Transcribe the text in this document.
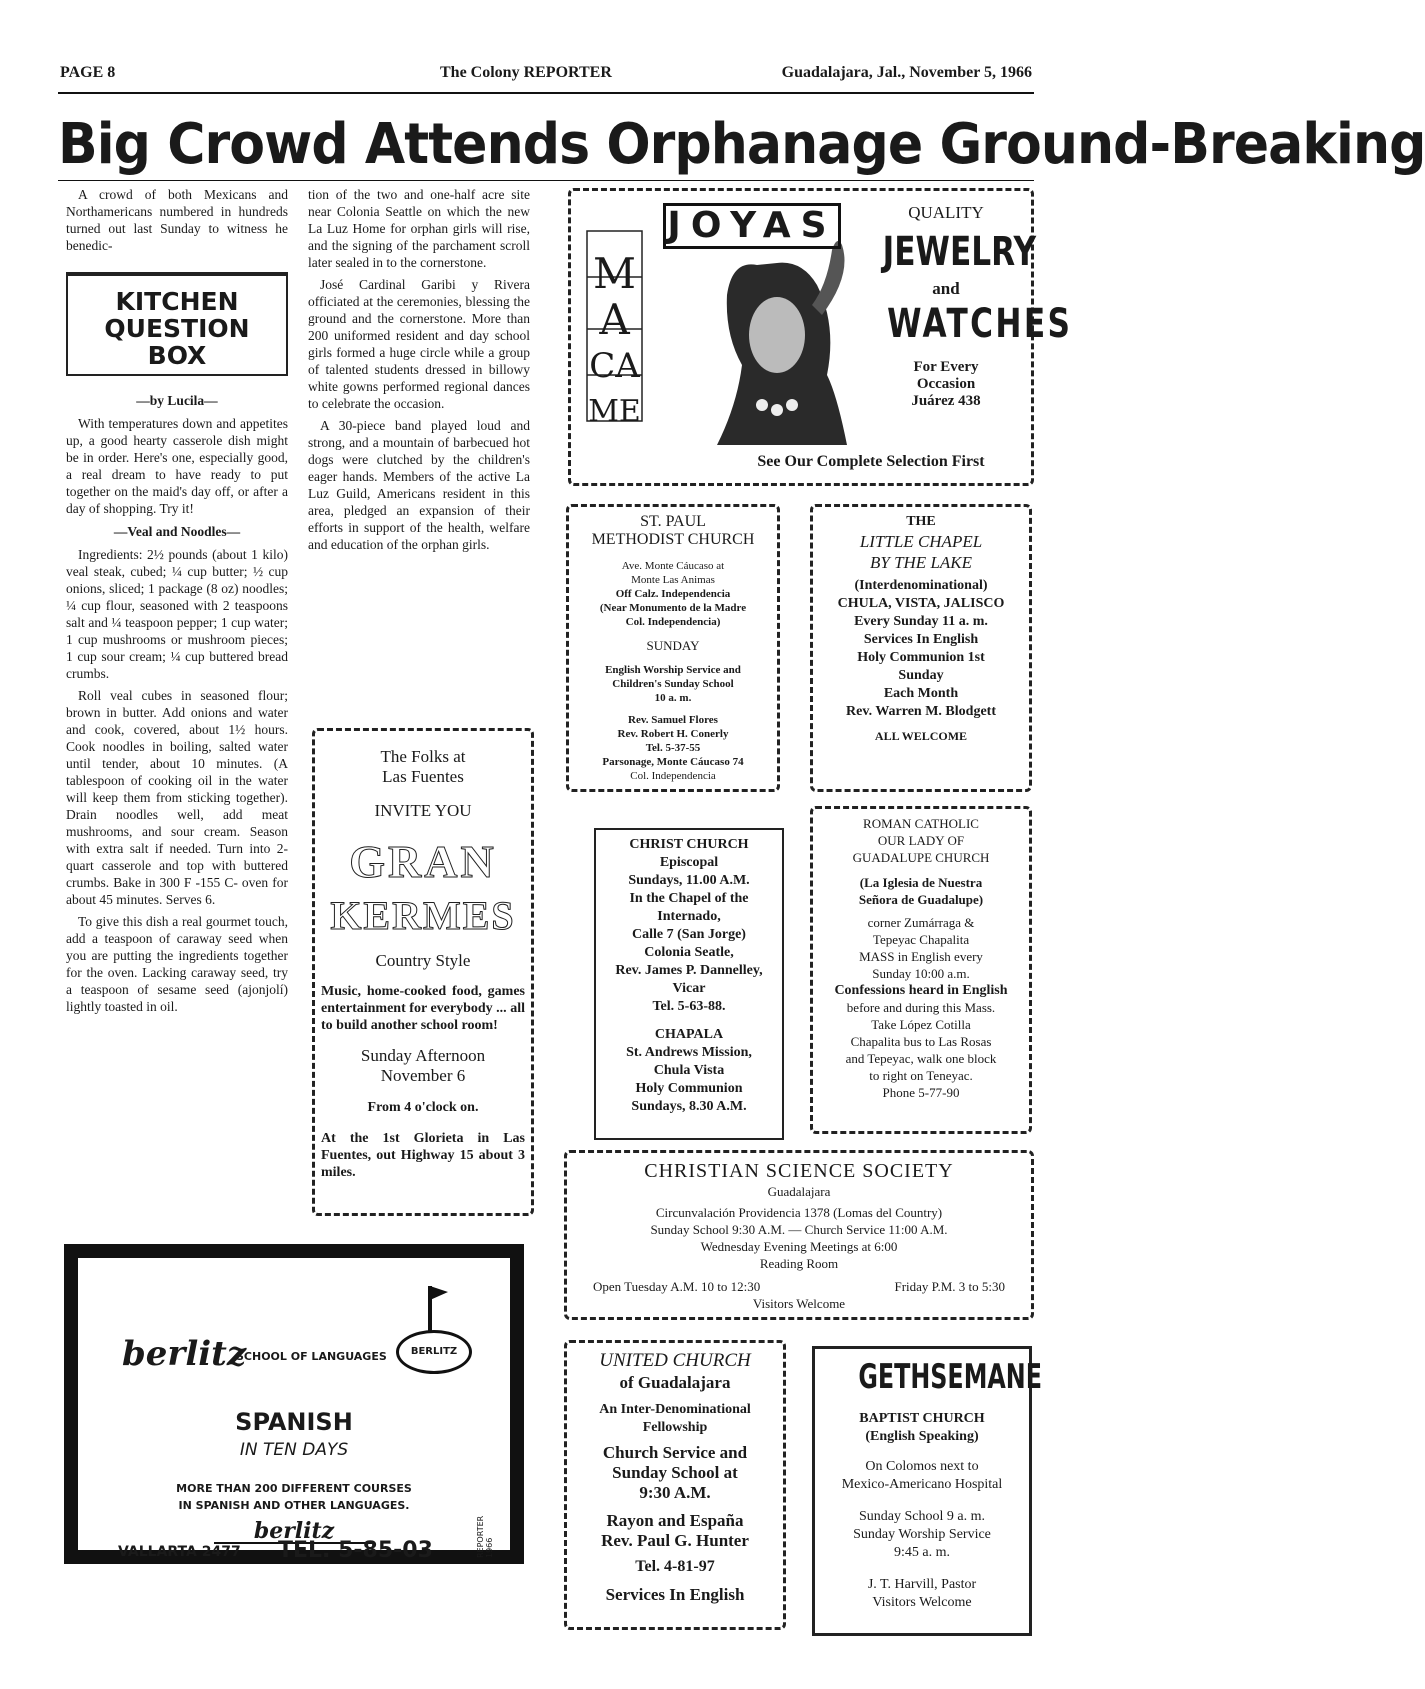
PAGE 8	The Colony REPORTER	Guadalajara, Jal., November 5, 1966
Big Crowd Attends Orphanage Ground-Breaking

A crowd of both Mexicans and Northamericans numbered in hundreds turned out last Sunday to witness he benedic-

KITCHEN
QUESTION
BOX
—by Lucila—

With temperatures down and appetites up, a good hearty casserole dish might be in order. Here's one, especially good, a real dream to have ready to put together on the maid's day off, or after a day of shopping. Try it!

—Veal and Noodles—

Ingredients: 2½ pounds (about 1 kilo) veal steak, cubed; ¼ cup butter; ½ cup onions, sliced; 1 package (8 oz) noodles; ¼ cup flour, seasoned with 2 teaspoons salt and ¼ teaspoon pepper; 1 cup water; 1 cup mushrooms or mushroom pieces; 1 cup sour cream; ¼ cup buttered bread crumbs.

Roll veal cubes in seasoned flour; brown in butter. Add onions and water and cook, covered, about 1½ hours. Cook noodles in boiling, salted water until tender, about 10 minutes. (A tablespoon of cooking oil in the water will keep them from sticking together). Drain noodles well, add meat mushrooms, and sour cream. Season with extra salt if needed. Turn into 2-quart casserole and top with buttered crumbs. Bake in 300 F -155 C- oven for about 45 minutes. Serves 6.

To give this dish a real gourmet touch, add a teaspoon of caraway seed when you are putting the ingredients together for the oven. Lacking caraway seed, try a teaspoon of sesame seed (ajonjolí) lightly toasted in oil.

tion of the two and one-half acre site near Colonia Seattle on which the new La Luz Home for orphan girls will rise, and the signing of the parchament scroll later sealed in to the cornerstone.

José Cardinal Garibi y Rivera officiated at the ceremonies, blessing the ground and the cornerstone. More than 200 uniformed resident and day school girls formed a huge circle while a group of talented students dressed in billowy white gowns performed regional dances to celebrate the occasion.

A 30-piece band played loud and strong, and a mountain of barbecued hot dogs were clutched by the children's eager hands. Members of the active La Luz Guild, Americans resident in this area, pledged an expansion of their efforts in support of the health, welfare and education of the orphan girls.

The Folks at
Las Fuentes
INVITE YOU
GRAN
KERMES
Country Style
Music, home-cooked food, games entertainment for everybody ... all to build another school room!
Sunday Afternoon
November 6
From 4 o'clock on.
At the 1st Glorieta in Las Fuentes, out Highway 15 about 3 miles.
M
A
CA
ME
JOYAS	QUALITY
JEWELRY
and
WATCHES
For Every
Occasion
Juárez 438
See Our Complete Selection First
ST. PAUL
METHODIST CHURCH
Ave. Monte Cáucaso at
Monte Las Animas
Off Calz. Independencia
(Near Monumento de la Madre
Col. Independencia)
SUNDAY
English Worship Service and
Children's Sunday School
10 a. m.
Rev. Samuel Flores
Rev. Robert H. Conerly
Tel. 5-37-55
Parsonage, Monte Cáucaso 74
Col. Independencia
THE
LITTLE CHAPEL
BY THE LAKE
(Interdenominational)
CHULA, VISTA, JALISCO
Every Sunday 11 a. m.
Services In English
Holy Communion 1st
Sunday
Each Month
Rev. Warren M. Blodgett
ALL WELCOME
CHRIST CHURCH
Episcopal
Sundays, 11.00 A.M.
In the Chapel of the
Internado,
Calle 7 (San Jorge)
Colonia Seatle,
Rev. James P. Dannelley,
Vicar
Tel. 5-63-88.
CHAPALA
St. Andrews Mission,
Chula Vista
Holy Communion
Sundays, 8.30 A.M.
ROMAN CATHOLIC
OUR LADY OF
GUADALUPE CHURCH
(La Iglesia de Nuestra
Señora de Guadalupe)
corner Zumárraga &
Tepeyac Chapalita
MASS in English every
Sunday 10:00 a.m.
Confessions heard in English
before and during this Mass.
Take López Cotilla
Chapalita bus to Las Rosas
and Tepeyac, walk one block
to right on Teneyac.
Phone 5-77-90
CHRISTIAN SCIENCE SOCIETY
Guadalajara
Circunvalación Providencia 1378 (Lomas del Country)
Sunday School 9:30 A.M. — Church Service 11:00 A.M.
Wednesday Evening Meetings at 6:00
Reading Room
Open Tuesday A.M. 10 to 12:30	Friday P.M. 3 to 5:30
Visitors Welcome
UNITED CHURCH
of Guadalajara
An Inter-Denominational
Fellowship
Church Service and
Sunday School at
9:30 A.M.
Rayon and España
Rev. Paul G. Hunter
Tel. 4-81-97
Services In English
GETHSEMANE
BAPTIST CHURCH
(English Speaking)
On Colomos next to
Mexico-Americano Hospital
Sunday School 9 a. m.
Sunday Worship Service
9:45 a. m.
J. T. Harvill, Pastor
Visitors Welcome
berlitz
SCHOOL OF LANGUAGES	BERLITZ
SPANISH
IN TEN DAYS
MORE THAN 200 DIFFERENT COURSES
IN SPANISH AND OTHER LANGUAGES.
berlitz
VALLARTA 2477 TEL. 5-85-03	REPORTER 1966
